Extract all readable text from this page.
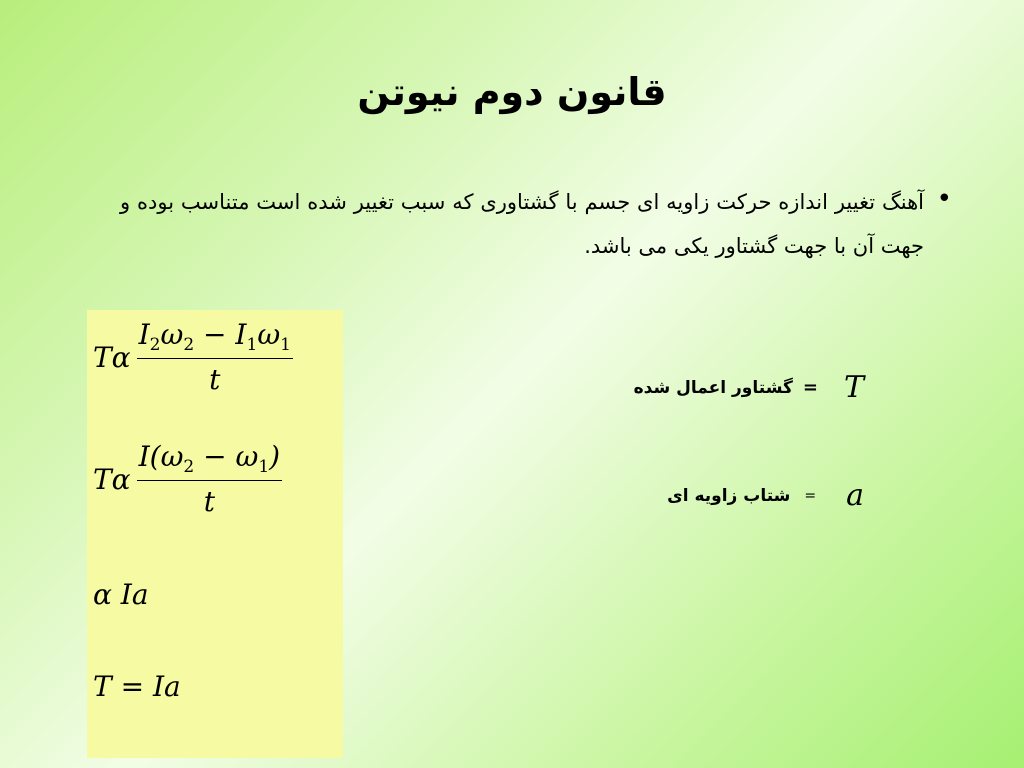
قانون دوم نیوتن
•
آهنگ تغییر اندازه حرکت زاویه ای جسم با گشتاوری که سبب تغییر شده است متناسب بوده و جهت آن با جهت گشتاور یکی می باشد.
Tα $\frac{I_2\omega_2 - I_1\omega_1}{t}$
Tα $\frac{I(\omega_2 - \omega_1)}{t}$
α Ia
T = Ia
T
=
گشتاور اعمال شده
a
=
شتاب زاویه ای
